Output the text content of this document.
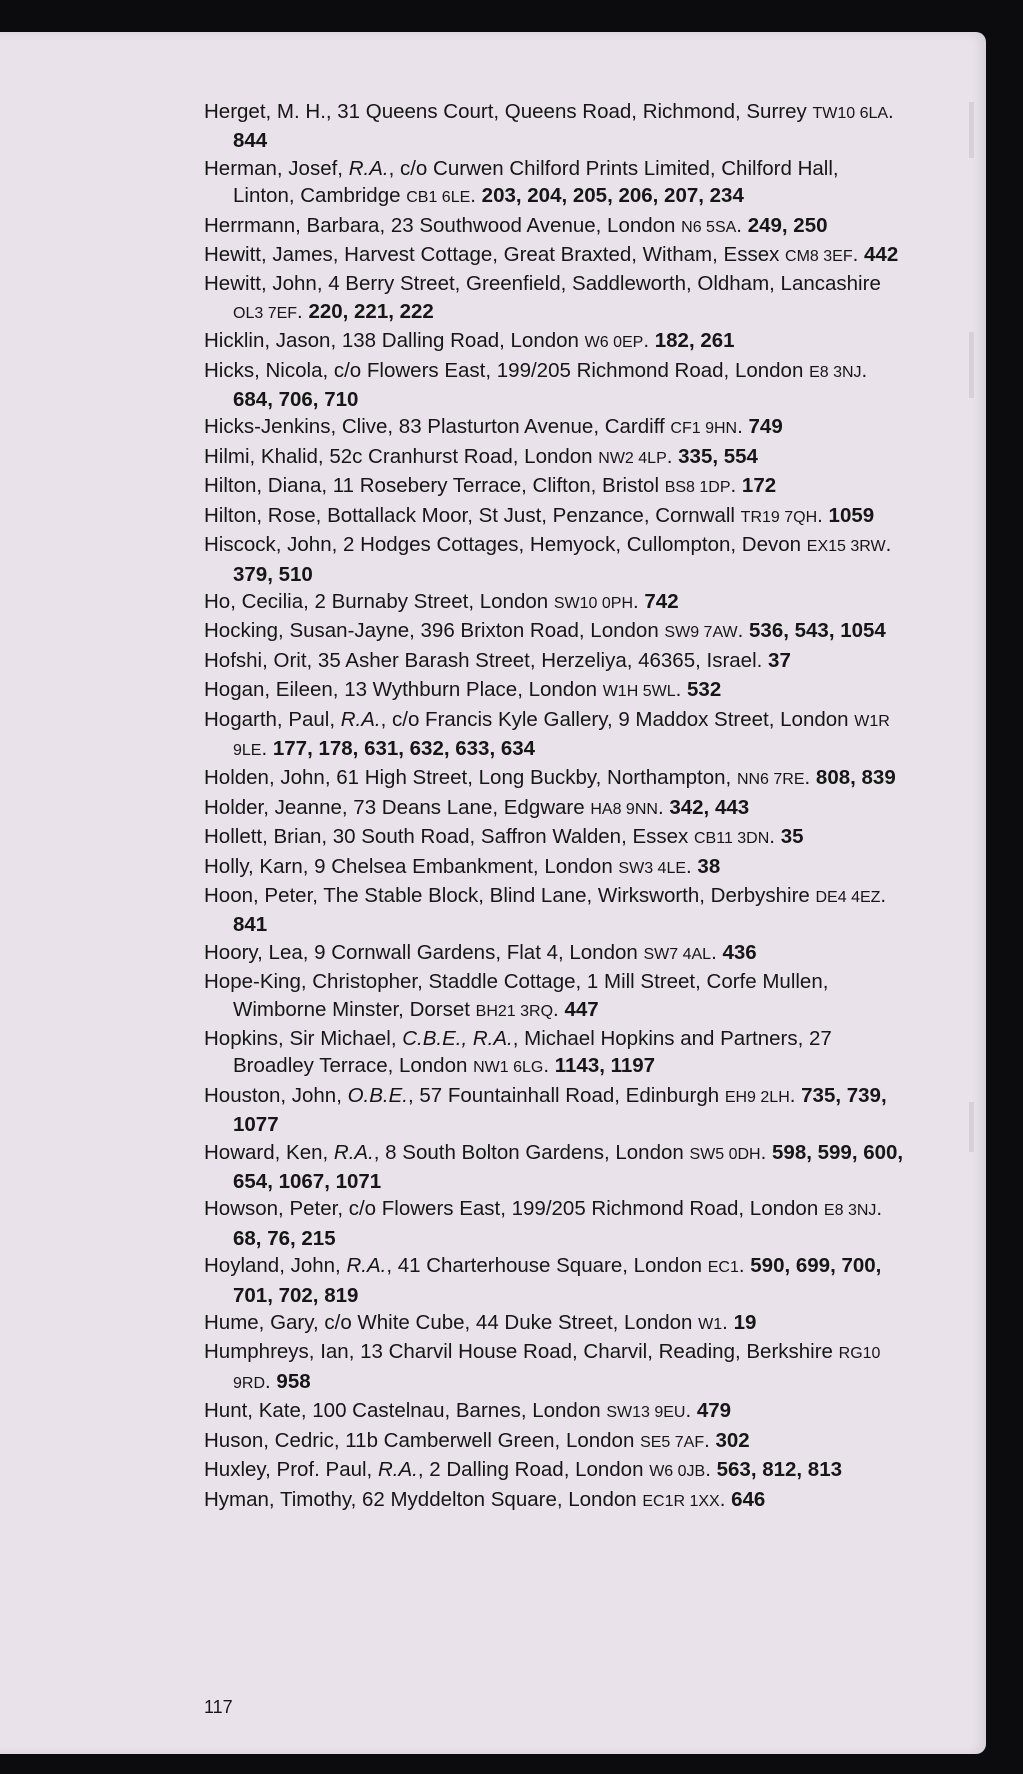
Herget, M. H., 31 Queens Court, Queens Road, Richmond, Surrey TW10 6LA. 844
Herman, Josef, R.A., c/o Curwen Chilford Prints Limited, Chilford Hall, Linton, Cambridge CB1 6LE. 203, 204, 205, 206, 207, 234
Herrmann, Barbara, 23 Southwood Avenue, London N6 5SA. 249, 250
Hewitt, James, Harvest Cottage, Great Braxted, Witham, Essex CM8 3EF. 442
Hewitt, John, 4 Berry Street, Greenfield, Saddleworth, Oldham, Lancashire OL3 7EF. 220, 221, 222
Hicklin, Jason, 138 Dalling Road, London W6 0EP. 182, 261
Hicks, Nicola, c/o Flowers East, 199/205 Richmond Road, London E8 3NJ. 684, 706, 710
Hicks-Jenkins, Clive, 83 Plasturton Avenue, Cardiff CF1 9HN. 749
Hilmi, Khalid, 52c Cranhurst Road, London NW2 4LP. 335, 554
Hilton, Diana, 11 Rosebery Terrace, Clifton, Bristol BS8 1DP. 172
Hilton, Rose, Bottallack Moor, St Just, Penzance, Cornwall TR19 7QH. 1059
Hiscock, John, 2 Hodges Cottages, Hemyock, Cullompton, Devon EX15 3RW. 379, 510
Ho, Cecilia, 2 Burnaby Street, London SW10 0PH. 742
Hocking, Susan-Jayne, 396 Brixton Road, London SW9 7AW. 536, 543, 1054
Hofshi, Orit, 35 Asher Barash Street, Herzeliya, 46365, Israel. 37
Hogan, Eileen, 13 Wythburn Place, London W1H 5WL. 532
Hogarth, Paul, R.A., c/o Francis Kyle Gallery, 9 Maddox Street, London W1R 9LE. 177, 178, 631, 632, 633, 634
Holden, John, 61 High Street, Long Buckby, Northampton, NN6 7RE. 808, 839
Holder, Jeanne, 73 Deans Lane, Edgware HA8 9NN. 342, 443
Hollett, Brian, 30 South Road, Saffron Walden, Essex CB11 3DN. 35
Holly, Karn, 9 Chelsea Embankment, London SW3 4LE. 38
Hoon, Peter, The Stable Block, Blind Lane, Wirksworth, Derbyshire DE4 4EZ. 841
Hoory, Lea, 9 Cornwall Gardens, Flat 4, London SW7 4AL. 436
Hope-King, Christopher, Staddle Cottage, 1 Mill Street, Corfe Mullen, Wimborne Minster, Dorset BH21 3RQ. 447
Hopkins, Sir Michael, C.B.E., R.A., Michael Hopkins and Partners, 27 Broadley Terrace, London NW1 6LG. 1143, 1197
Houston, John, O.B.E., 57 Fountainhall Road, Edinburgh EH9 2LH. 735, 739, 1077
Howard, Ken, R.A., 8 South Bolton Gardens, London SW5 0DH. 598, 599, 600, 654, 1067, 1071
Howson, Peter, c/o Flowers East, 199/205 Richmond Road, London E8 3NJ. 68, 76, 215
Hoyland, John, R.A., 41 Charterhouse Square, London EC1. 590, 699, 700, 701, 702, 819
Hume, Gary, c/o White Cube, 44 Duke Street, London W1. 19
Humphreys, Ian, 13 Charvil House Road, Charvil, Reading, Berkshire RG10 9RD. 958
Hunt, Kate, 100 Castelnau, Barnes, London SW13 9EU. 479
Huson, Cedric, 11b Camberwell Green, London SE5 7AF. 302
Huxley, Prof. Paul, R.A., 2 Dalling Road, London W6 0JB. 563, 812, 813
Hyman, Timothy, 62 Myddelton Square, London EC1R 1XX. 646
117
